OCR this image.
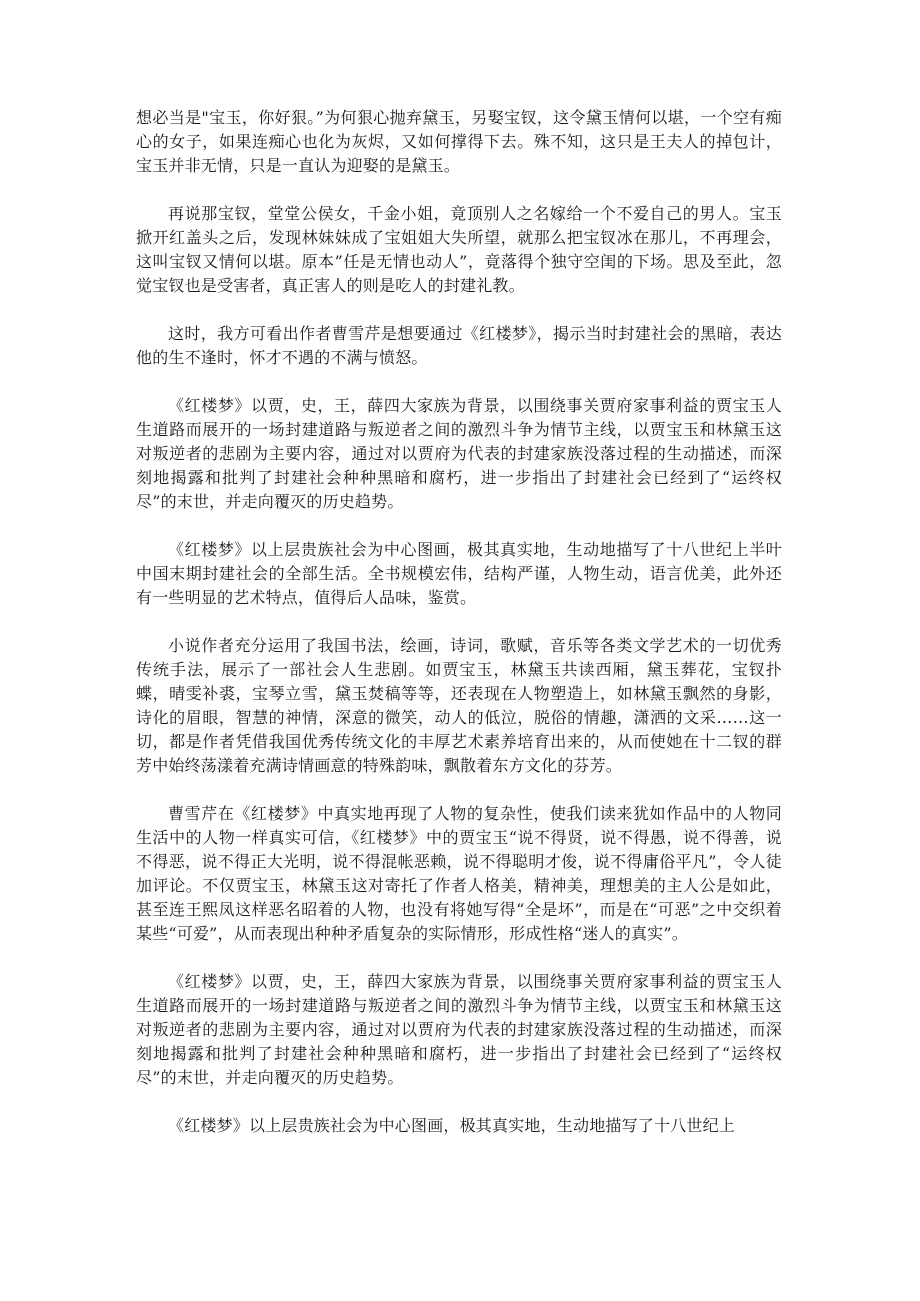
想必当是"宝玉，你好狠。”为何狠心抛弃黛玉，另娶宝钗，这令黛玉情何以堪，一个空有痴心的女子，如果连痴心也化为灰烬，又如何撑得下去。殊不知，这只是王夫人的掉包计，宝玉并非无情，只是一直认为迎娶的是黛玉。

再说那宝钗，堂堂公侯女，千金小姐，竟顶别人之名嫁给一个不爱自己的男人。宝玉掀开红盖头之后，发现林妹妹成了宝姐姐大失所望，就那么把宝钗冰在那儿，不再理会，这叫宝钗又情何以堪。原本”任是无情也动人”，竟落得个独守空闺的下场。思及至此，忽觉宝钗也是受害者，真正害人的则是吃人的封建礼教。

这时，我方可看出作者曹雪芹是想要通过《红楼梦》，揭示当时封建社会的黑暗，表达他的生不逢时，怀才不遇的不满与愤怒。

《红楼梦》以贾，史，王，薛四大家族为背景，以围绕事关贾府家事利益的贾宝玉人生道路而展开的一场封建道路与叛逆者之间的激烈斗争为情节主线，以贾宝玉和林黛玉这对叛逆者的悲剧为主要内容，通过对以贾府为代表的封建家族没落过程的生动描述，而深刻地揭露和批判了封建社会种种黑暗和腐朽，进一步指出了封建社会已经到了“运终权尽”的末世，并走向覆灭的历史趋势。

《红楼梦》以上层贵族社会为中心图画，极其真实地，生动地描写了十八世纪上半叶中国末期封建社会的全部生活。全书规模宏伟，结构严谨，人物生动，语言优美，此外还有一些明显的艺术特点，值得后人品味，鉴赏。

小说作者充分运用了我国书法，绘画，诗词，歌赋，音乐等各类文学艺术的一切优秀传统手法，展示了一部社会人生悲剧。如贾宝玉，林黛玉共读西厢，黛玉葬花，宝钗扑蝶，晴雯补裘，宝琴立雪，黛玉焚稿等等，还表现在人物塑造上，如林黛玉飘然的身影，诗化的眉眼，智慧的神情，深意的微笑，动人的低泣，脱俗的情趣，潇洒的文采……这一切，都是作者凭借我国优秀传统文化的丰厚艺术素养培育出来的，从而使她在十二钗的群芳中始终荡漾着充满诗情画意的特殊韵味，飘散着东方文化的芬芳。

曹雪芹在《红楼梦》中真实地再现了人物的复杂性，使我们读来犹如作品中的人物同生活中的人物一样真实可信，《红楼梦》中的贾宝玉“说不得贤，说不得愚，说不得善，说不得恶，说不得正大光明，说不得混帐恶赖，说不得聪明才俊，说不得庸俗平凡”，令人徒加评论。不仅贾宝玉，林黛玉这对寄托了作者人格美，精神美，理想美的主人公是如此，甚至连王熙凤这样恶名昭着的人物，也没有将她写得“全是坏”，而是在“可恶”之中交织着某些“可爱”，从而表现出种种矛盾复杂的实际情形，形成性格“迷人的真实”。

《红楼梦》以贾，史，王，薛四大家族为背景，以围绕事关贾府家事利益的贾宝玉人生道路而展开的一场封建道路与叛逆者之间的激烈斗争为情节主线，以贾宝玉和林黛玉这对叛逆者的悲剧为主要内容，通过对以贾府为代表的封建家族没落过程的生动描述，而深刻地揭露和批判了封建社会种种黑暗和腐朽，进一步指出了封建社会已经到了“运终权尽”的末世，并走向覆灭的历史趋势。

《红楼梦》以上层贵族社会为中心图画，极其真实地，生动地描写了十八世纪上
